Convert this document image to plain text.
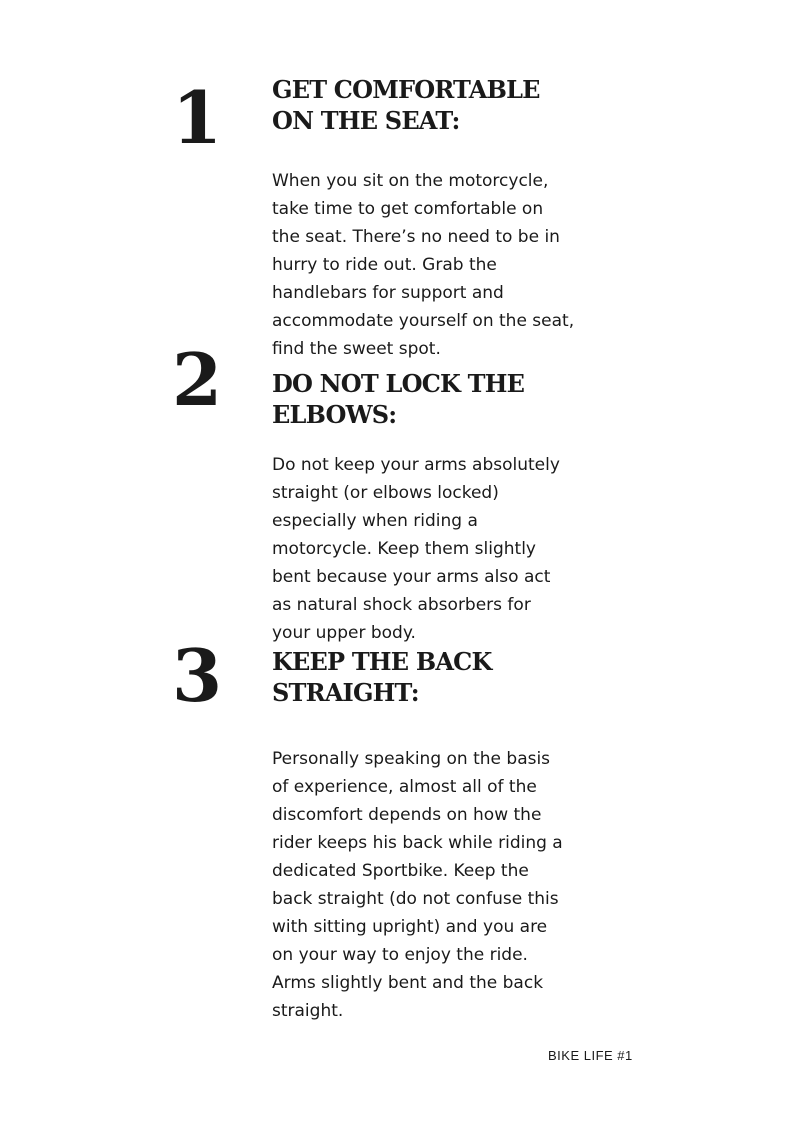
1 GET COMFORTABLE
ON THE SEAT:

When you sit on the motorcycle,
take time to get comfortable on
the seat. There’s no need to be in
hurry to ride out. Grab the
handlebars for support and
accommodate yourself on the seat,
find the sweet spot.

2 DO NOT LOCK THE
ELBOWS:

Do not keep your arms absolutely
straight (or elbows locked)
especially when riding a
motorcycle. Keep them slightly
bent because your arms also act
as natural shock absorbers for
your upper body.

3 KEEP THE BACK
STRAIGHT:

Personally speaking on the basis
of experience, almost all of the
discomfort depends on how the
rider keeps his back while riding a
dedicated Sportbike. Keep the
back straight (do not confuse this
with sitting upright) and you are
on your way to enjoy the ride.
Arms slightly bent and the back
straight.

BIKE LIFE #1
